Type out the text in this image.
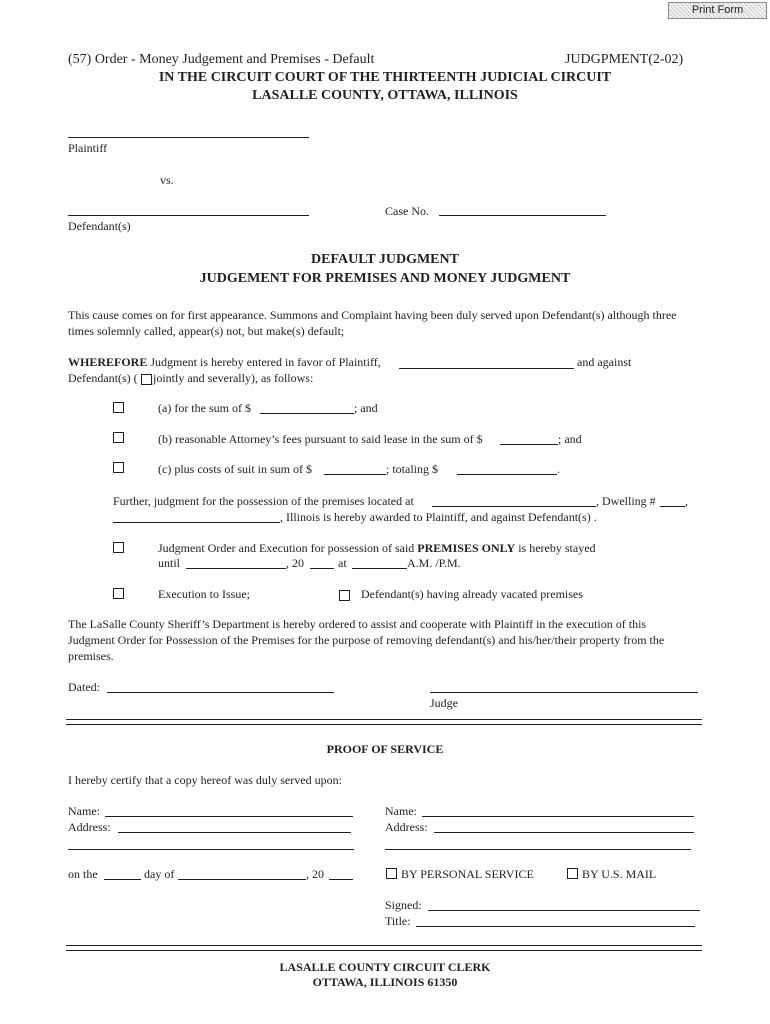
Print Form
(57) Order - Money Judgement and Premises - Default	JUDGPMENT(2-02)
IN THE CIRCUIT COURT OF THE THIRTEENTH JUDICIAL CIRCUIT
LASALLE COUNTY, OTTAWA, ILLINOIS
Plaintiff
vs.
Defendant(s)
Case No.
DEFAULT JUDGMENT
JUDGEMENT FOR PREMISES AND MONEY JUDGMENT
This cause comes on for first appearance. Summons and Complaint having been duly served upon Defendant(s) although three
times solemnly called, appear(s) not, but make(s) default;
WHEREFORE Judgment is hereby entered in favor of Plaintiff,	and against
Defendant(s) ( jointly and severally), as follows:
(a) for the sum of $	; and
(b) reasonable Attorney’s fees pursuant to said lease in the sum of $	; and
(c) plus costs of suit in sum of $	; totaling $	.
Further, judgment for the possession of the premises located at	, Dwelling # ,
, Illinois is hereby awarded to Plaintiff, and against Defendant(s) .
Judgment Order and Execution for possession of said PREMISES ONLY is hereby stayed
until	, 20	at	A.M. /P.M.
Execution to Issue;	Defendant(s) having already vacated premises
The LaSalle County Sheriff’s Department is hereby ordered to assist and cooperate with Plaintiff in the execution of this
Judgment Order for Possession of the Premises for the purpose of removing defendant(s) and his/her/their property from the
premises.
Dated:
Judge
PROOF OF SERVICE
I hereby certify that a copy hereof was duly served upon:
Name:
Address:
Name:
Address:
on the	day of	, 20	BY PERSONAL SERVICE	BY U.S. MAIL
Signed:
Title:
LASALLE COUNTY CIRCUIT CLERK
OTTAWA, ILLINOIS 61350
